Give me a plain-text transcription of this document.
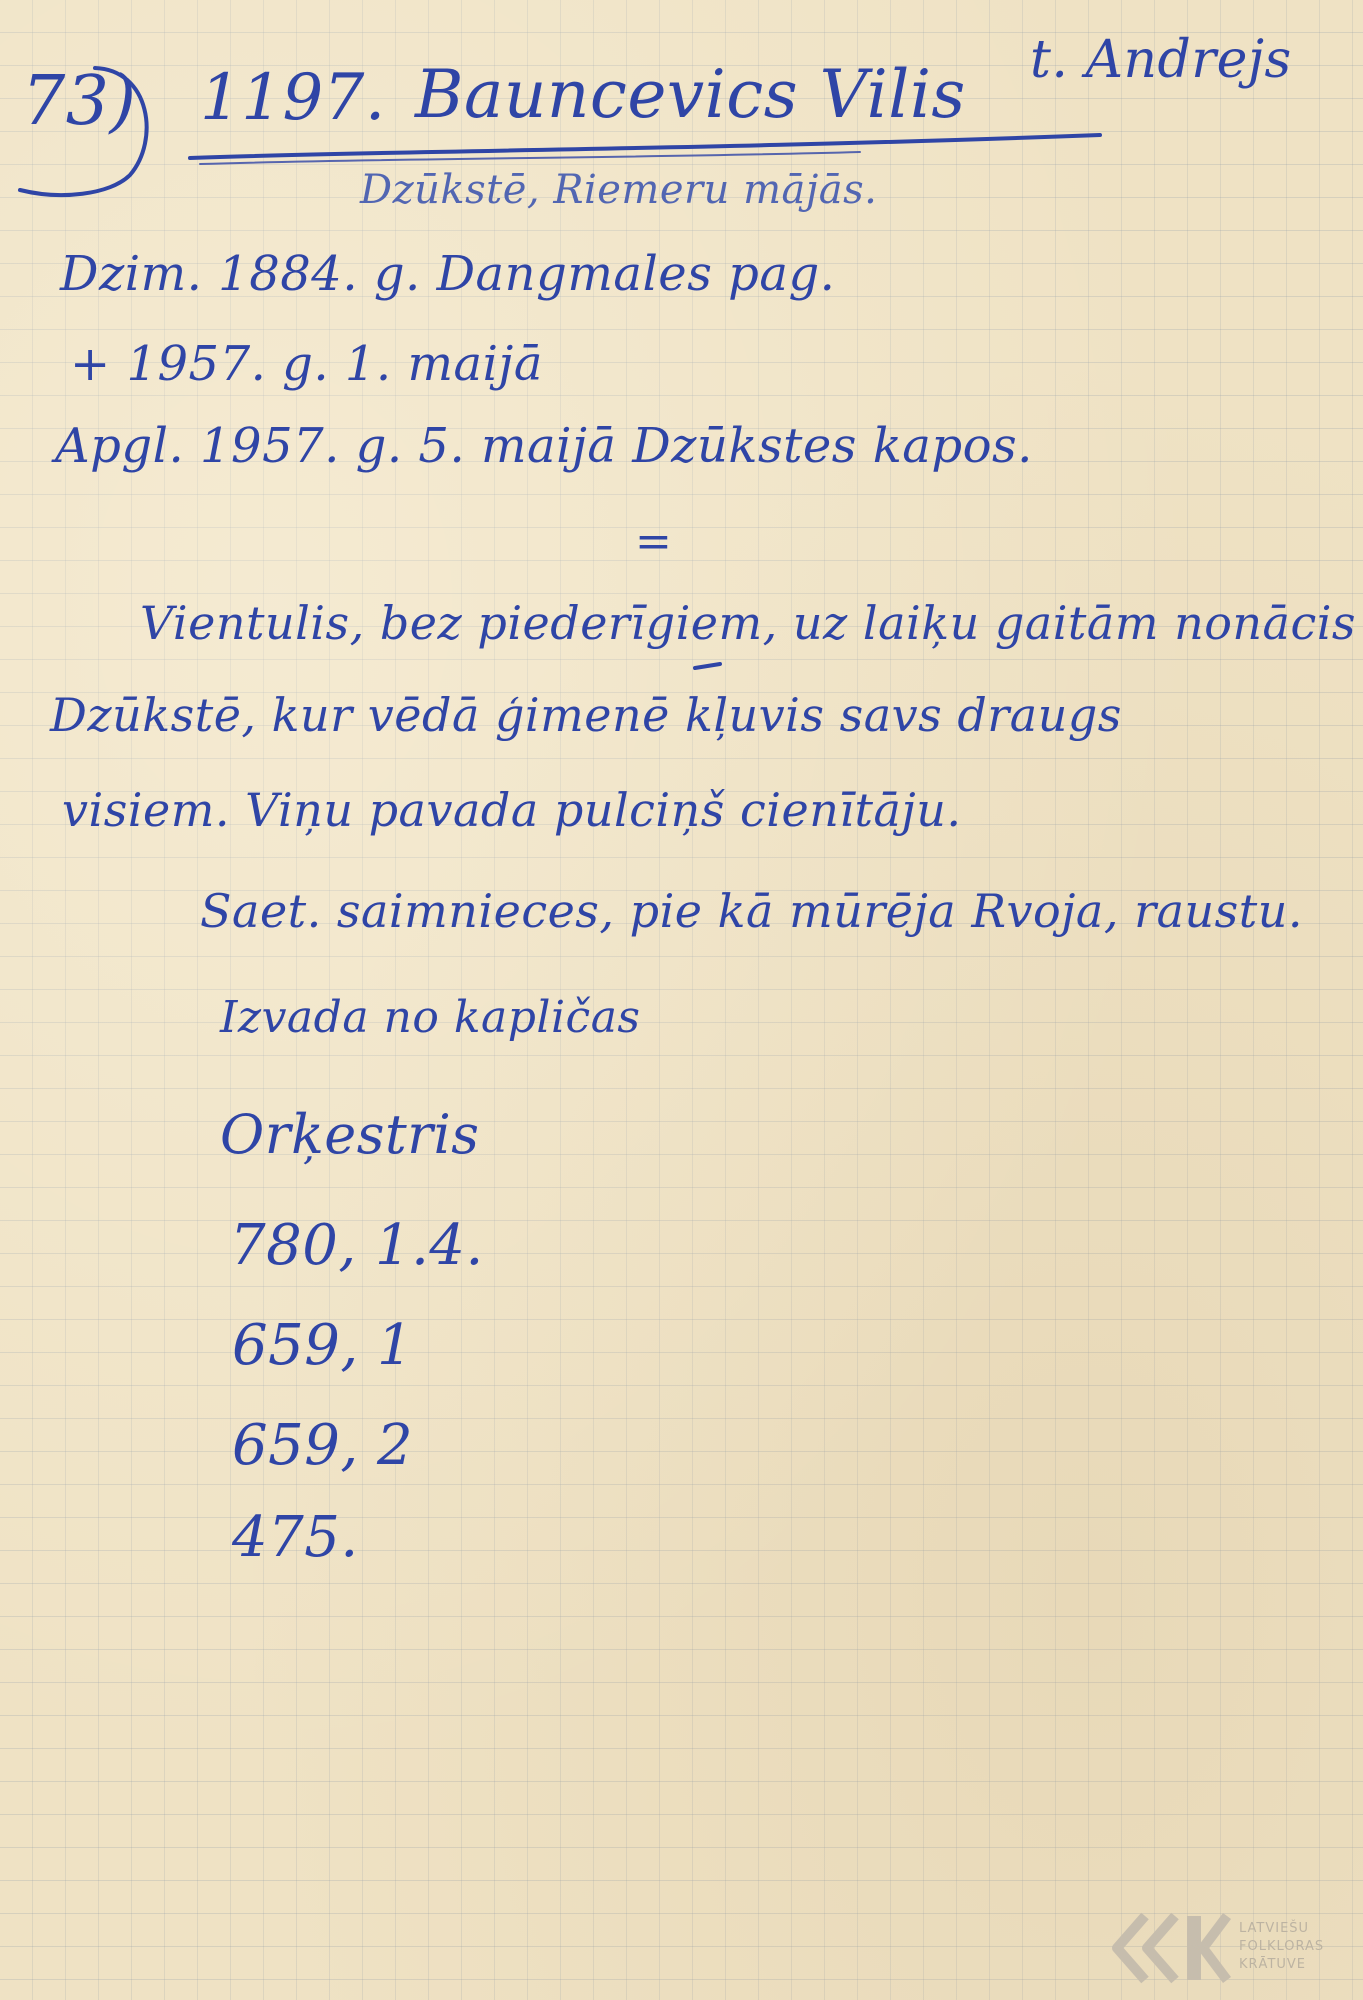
73) 1197. Bauncevics Vilis t. Andrejs
Dzūkstē, Riemeru mājās.
Dzim. 1884. g. Dangmales pag.
+ 1957. g. 1. maijā
Apgl. 1957. g. 5. maijā Dzūkstes kapos.
=
Vientulis, bez piederīgiem, uz laiķu gaitām nonācis
Dzūkstē, kur vēdā ģimenē kļuvis savs draugs
visiem. Viņu pavada pulciņš cienītāju.
Saet. saimnieces, pie kā mūrēja Rvoja, raustu.
Izvada no kapličas
Orķestris
780, 1.4.
659, 1
659, 2
475.
LATVIEŠU
FOLKLORAS
KRĀTUVE
